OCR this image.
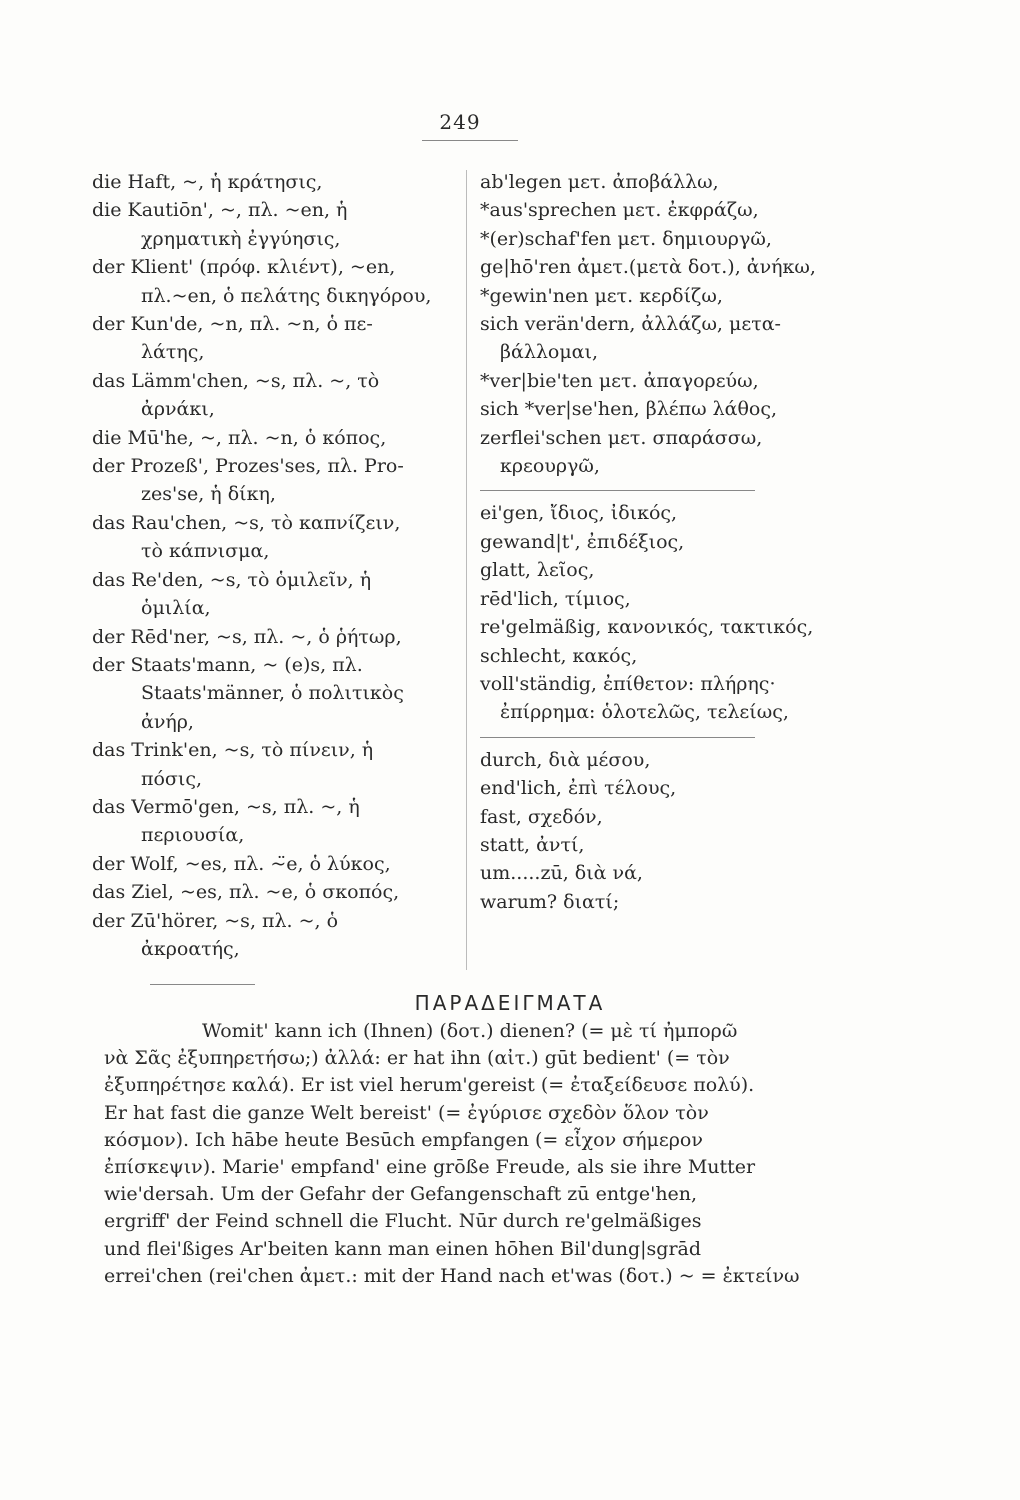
249
die Haft, ~, ἡ κράτησις,
die Kautiōn', ~, πλ. ~en, ἡ
χρηματικὴ ἐγγύησις,
der Klient' (πρόφ. κλιέντ), ~en,
πλ.~en, ὁ πελάτης δικηγόρου,
der Kun'de, ~n, πλ. ~n, ὁ πε-
λάτης,
das Lämm'chen, ~s, πλ. ~, τὸ
ἀρνάκι,
die Mū'he, ~, πλ. ~n, ὁ κόπος,
der Prozeß', Prozes'ses, πλ. Pro-
zes'se, ἡ δίκη,
das Rau'chen, ~s, τὸ καπνίζειν,
τὸ κάπνισμα,
das Re'den, ~s, τὸ ὁμιλεῖν, ἡ
ὁμιλία,
der Rēd'ner, ~s, πλ. ~, ὁ ῥήτωρ,
der Staats'mann, ~ (e)s, πλ.
Staats'männer, ὁ πολιτικὸς
ἀνήρ,
das Trink'en, ~s, τὸ πίνειν, ἡ
πόσις,
das Vermō'gen, ~s, πλ. ~, ἡ
περιουσία,
der Wolf, ~es, πλ. ~̈e, ὁ λύκος,
das Ziel, ~es, πλ. ~e, ὁ σκοπός,
der Zū'hörer, ~s, πλ. ~, ὁ
ἀκροατής,
ab'legen μετ. ἀποβάλλω,
*aus'sprechen μετ. ἐκφράζω,
*(er)schaf'fen μετ. δημιουργῶ,
ge|hō'ren ἀμετ.(μετὰ δοτ.), ἀνήκω,
*gewin'nen μετ. κερδίζω,
sich verän'dern, ἀλλάζω, μετα-
βάλλομαι,
*ver|bie'ten μετ. ἀπαγορεύω,
sich *ver|se'hen, βλέπω λάθος,
zerflei'schen μετ. σπαράσσω,
κρεουργῶ,
ei'gen, ἴδιος, ἰδικός,
gewand|t', ἐπιδέξιος,
glatt, λεῖος,
rēd'lich, τίμιος,
re'gelmäßig, κανονικός, τακτικός,
schlecht, κακός,
voll'ständig, ἐπίθετον: πλήρης·
ἐπίρρημα: ὁλοτελῶς, τελείως,
durch, διὰ μέσου,
end'lich, ἐπὶ τέλους,
fast, σχεδόν,
statt, ἀντί,
um.....zū, διὰ νά,
warum? διατί;
ΠΑΡΑΔΕΙΓΜΑΤΑ
Womit' kann ich (Ihnen) (δοτ.) dienen? (= μὲ τί ἠμπορῶ
νὰ Σᾶς ἐξυπηρετήσω;) ἀλλά: er hat ihn (αἰτ.) gūt bedient' (= τὸν
ἐξυπηρέτησε καλά). Er ist viel herum'gereist (= ἐταξείδευσε πολύ).
Er hat fast die ganze Welt bereist' (= ἐγύρισε σχεδὸν ὅλον τὸν
κόσμον). Ich hābe heute Besūch empfangen (= εἶχον σήμερον
ἐπίσκεψιν). Marie' empfand' eine grōße Freude, als sie ihre Mutter
wie'dersah. Um der Gefahr der Gefangenschaft zū entge'hen,
ergriff' der Feind schnell die Flucht. Nūr durch re'gelmäßiges
und flei'ßiges Ar'beiten kann man einen hōhen Bil'dung|sgrād
errei'chen (rei'chen ἀμετ.: mit der Hand nach et'was (δοτ.) ~ = ἐκτείνω
